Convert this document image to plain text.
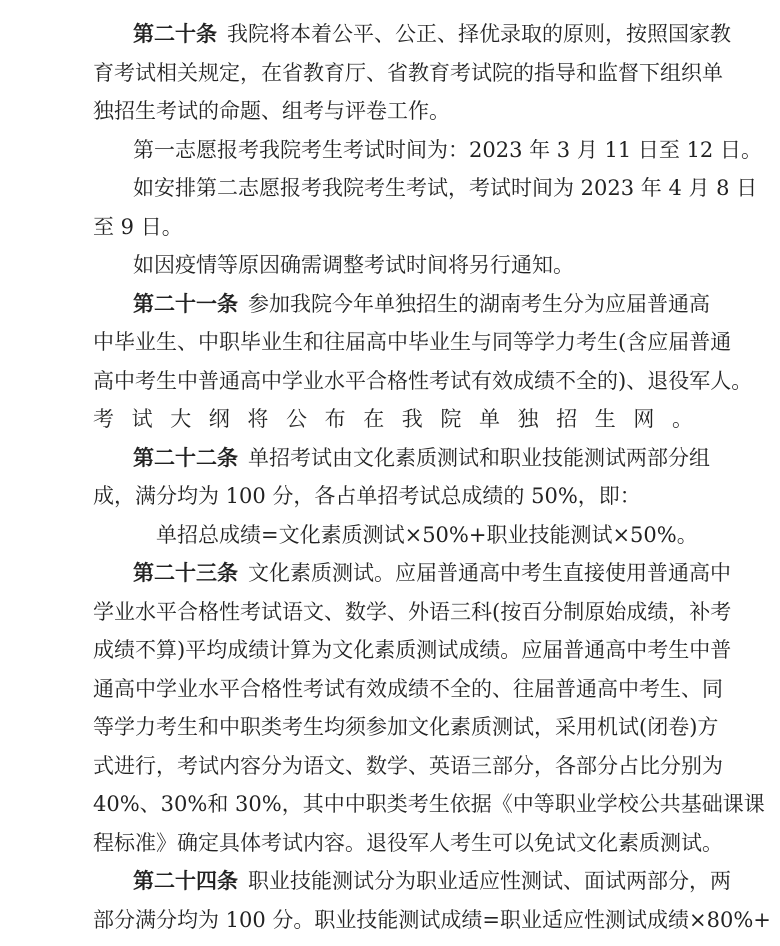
第二十条 我院将本着公平、公正、择优录取的原则，按照国家教
育考试相关规定，在省教育厅、省教育考试院的指导和监督下组织单
独招生考试的命题、组考与评卷工作。
第一志愿报考我院考生考试时间为：2023 年 3 月 11 日至 12 日。
如安排第二志愿报考我院考生考试，考试时间为 2023 年 4 月 8 日
至 9 日。
如因疫情等原因确需调整考试时间将另行通知。
第二十一条 参加我院今年单独招生的湖南考生分为应届普通高
中毕业生、中职毕业生和往届高中毕业生与同等学力考生(含应届普通
高中考生中普通高中学业水平合格性考试有效成绩不全的)、退役军人。
考试大纲将公布在我院单独招生网。
第二十二条 单招考试由文化素质测试和职业技能测试两部分组
成，满分均为 100 分，各占单招考试总成绩的 50%，即：
单招总成绩=文化素质测试×50%+职业技能测试×50%。
第二十三条 文化素质测试。应届普通高中考生直接使用普通高中
学业水平合格性考试语文、数学、外语三科(按百分制原始成绩，补考
成绩不算)平均成绩计算为文化素质测试成绩。应届普通高中考生中普
通高中学业水平合格性考试有效成绩不全的、往届普通高中考生、同
等学力考生和中职类考生均须参加文化素质测试，采用机试(闭卷)方
式进行，考试内容分为语文、数学、英语三部分，各部分占比分别为
40%、30%和 30%，其中中职类考生依据《中等职业学校公共基础课课
程标准》确定具体考试内容。退役军人考生可以免试文化素质测试。
第二十四条 职业技能测试分为职业适应性测试、面试两部分，两
部分满分均为 100 分。职业技能测试成绩=职业适应性测试成绩×80%+
